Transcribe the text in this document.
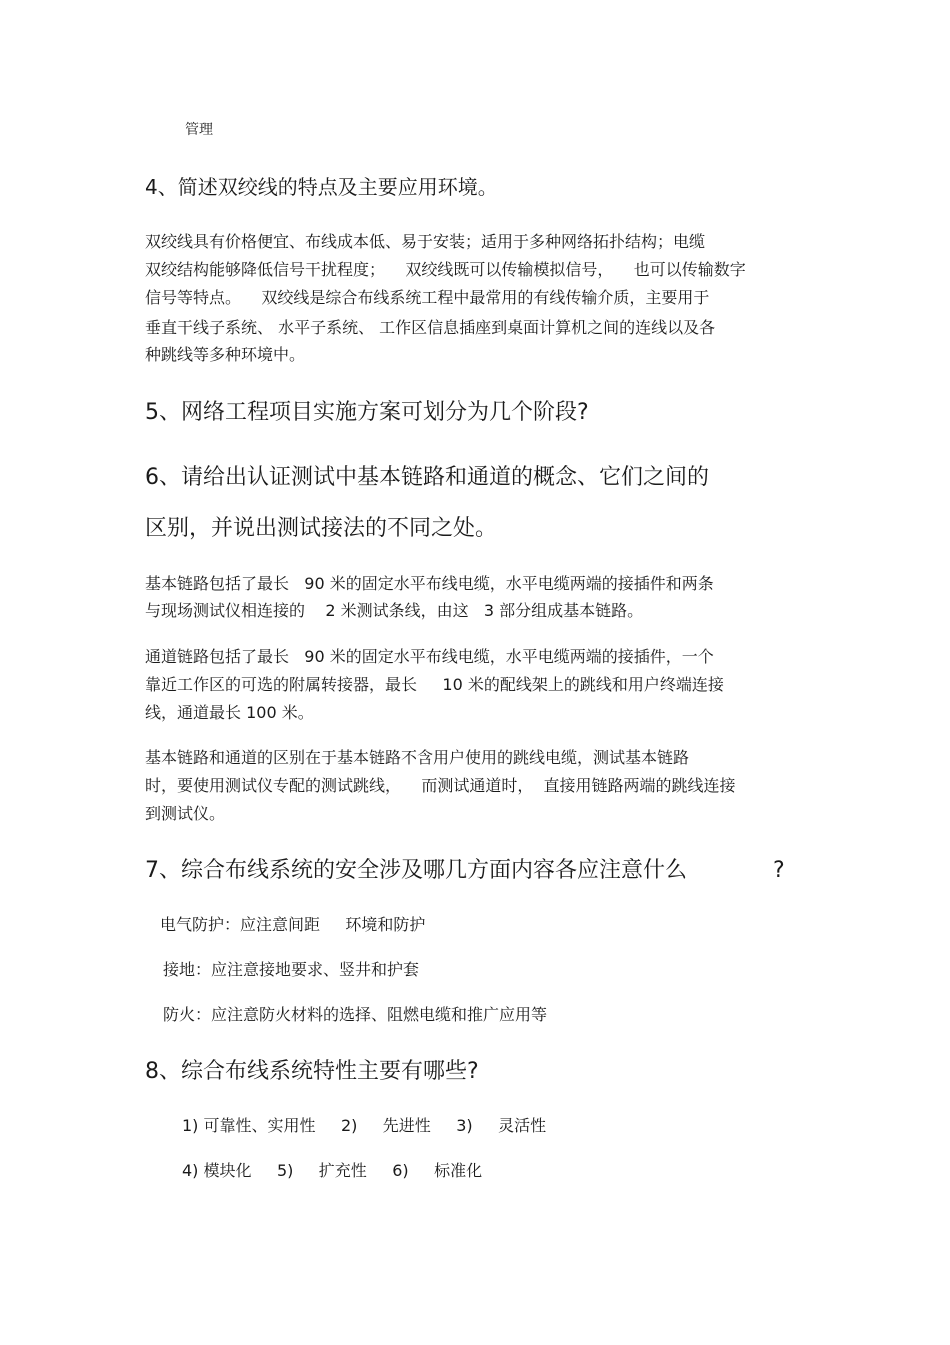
管理

4、简述双绞线的特点及主要应用环境。

双绞线具有价格便宜、布线成本低、易于安装；适用于多种网络拓扑结构；电缆

双绞结构能够降低信号干扰程度；    双绞线既可以传输模拟信号，    也可以传输数字

信号等特点。    双绞线是综合布线系统工程中最常用的有线传输介质，主要用于

垂直干线子系统、 水平子系统、 工作区信息插座到桌面计算机之间的连线以及各

种跳线等多种环境中。

5、网络工程项目实施方案可划分为几个阶段?

6、请给出认证测试中基本链路和通道的概念、它们之间的

区别，并说出测试接法的不同之处。

基本链路包括了最长   90 米的固定水平布线电缆，水平电缆两端的接插件和两条

与现场测试仪相连接的    2 米测试条线，由这   3 部分组成基本链路。

通道链路包括了最长   90 米的固定水平布线电缆，水平电缆两端的接插件，一个

靠近工作区的可选的附属转接器，最长     10 米的配线架上的跳线和用户终端连接

线，通道最长 100 米。

基本链路和通道的区别在于基本链路不含用户使用的跳线电缆，测试基本链路

时，要使用测试仪专配的测试跳线，    而测试通道时，  直接用链路两端的跳线连接

到测试仪。

7、综合布线系统的安全涉及哪几方面内容各应注意什么	?

电气防护：应注意间距     环境和防护

接地：应注意接地要求、竖井和护套

防火：应注意防火材料的选择、阻燃电缆和推广应用等

8、综合布线系统特性主要有哪些?

1) 可靠性、实用性     2)     先进性     3)     灵活性

4) 模块化     5)     扩充性     6)     标准化
